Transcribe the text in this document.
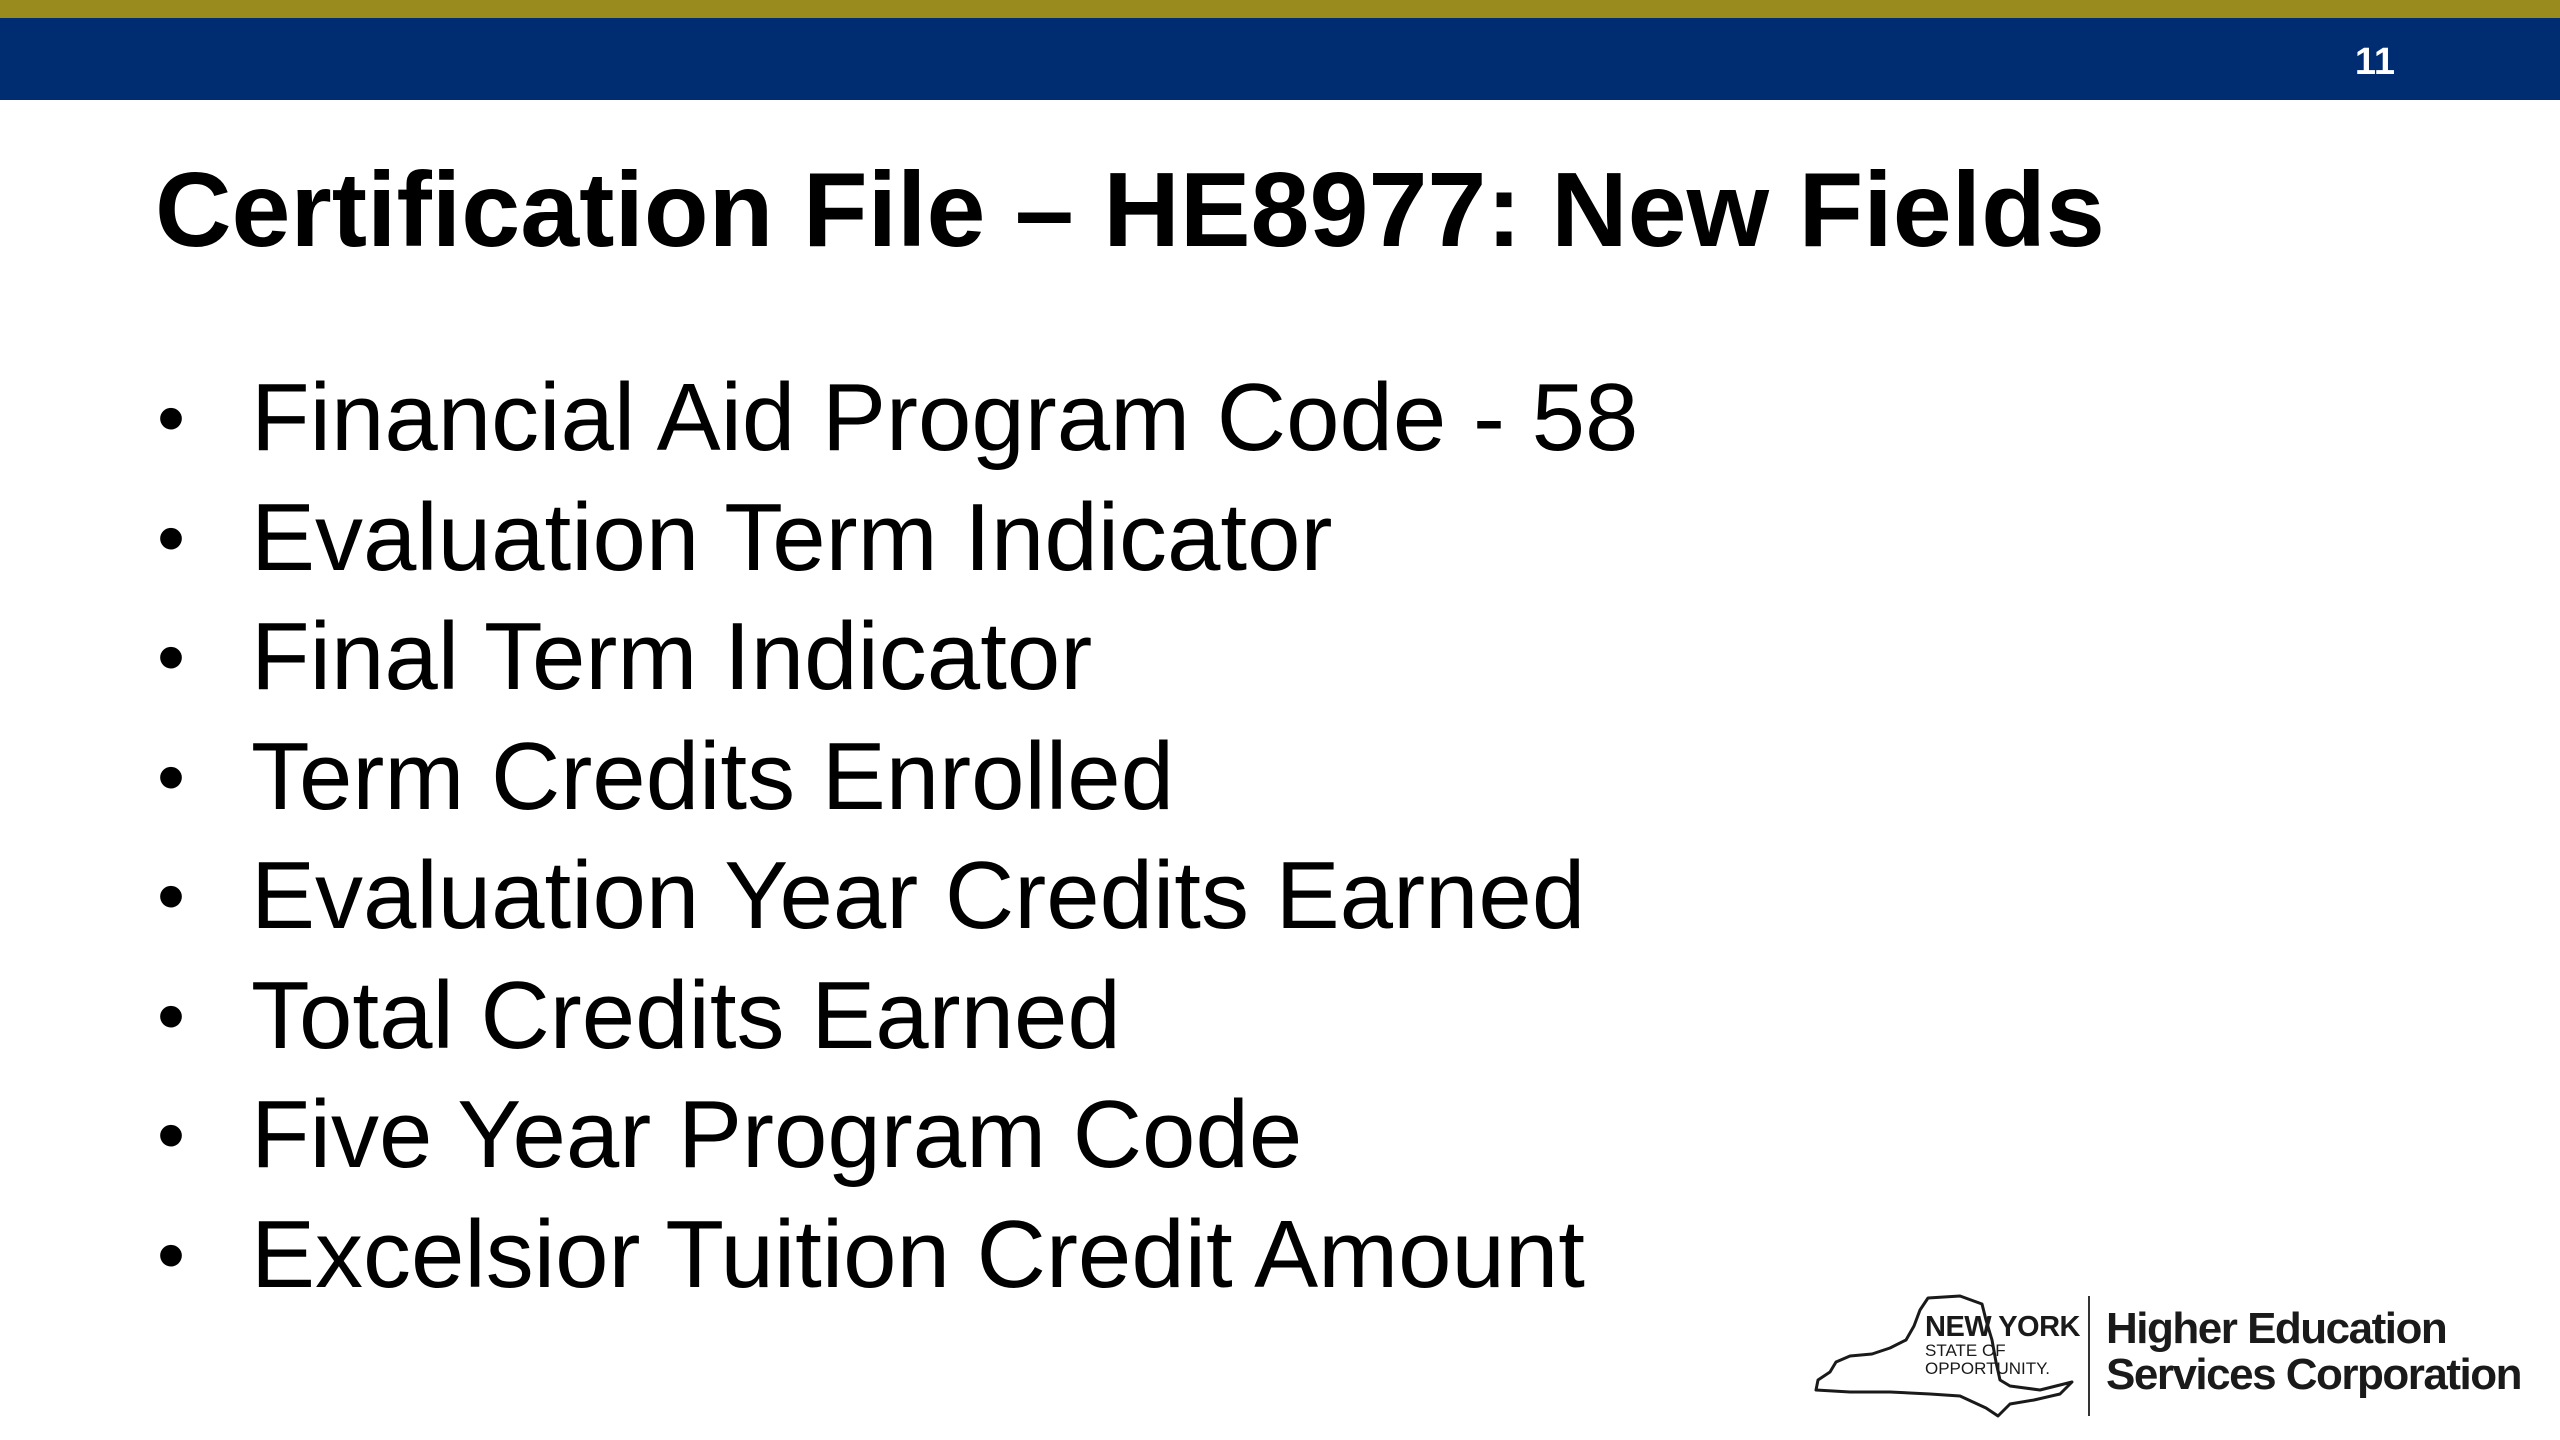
11
Certification File – HE8977: New Fields
• Financial Aid Program Code - 58
• Evaluation Term Indicator
• Final Term Indicator
• Term Credits Enrolled
• Evaluation Year Credits Earned
• Total Credits Earned
• Five Year Program Code
• Excelsior Tuition Credit Amount
NEW YORK
STATE OF
OPPORTUNITY.
Higher Education
Services Corporation
